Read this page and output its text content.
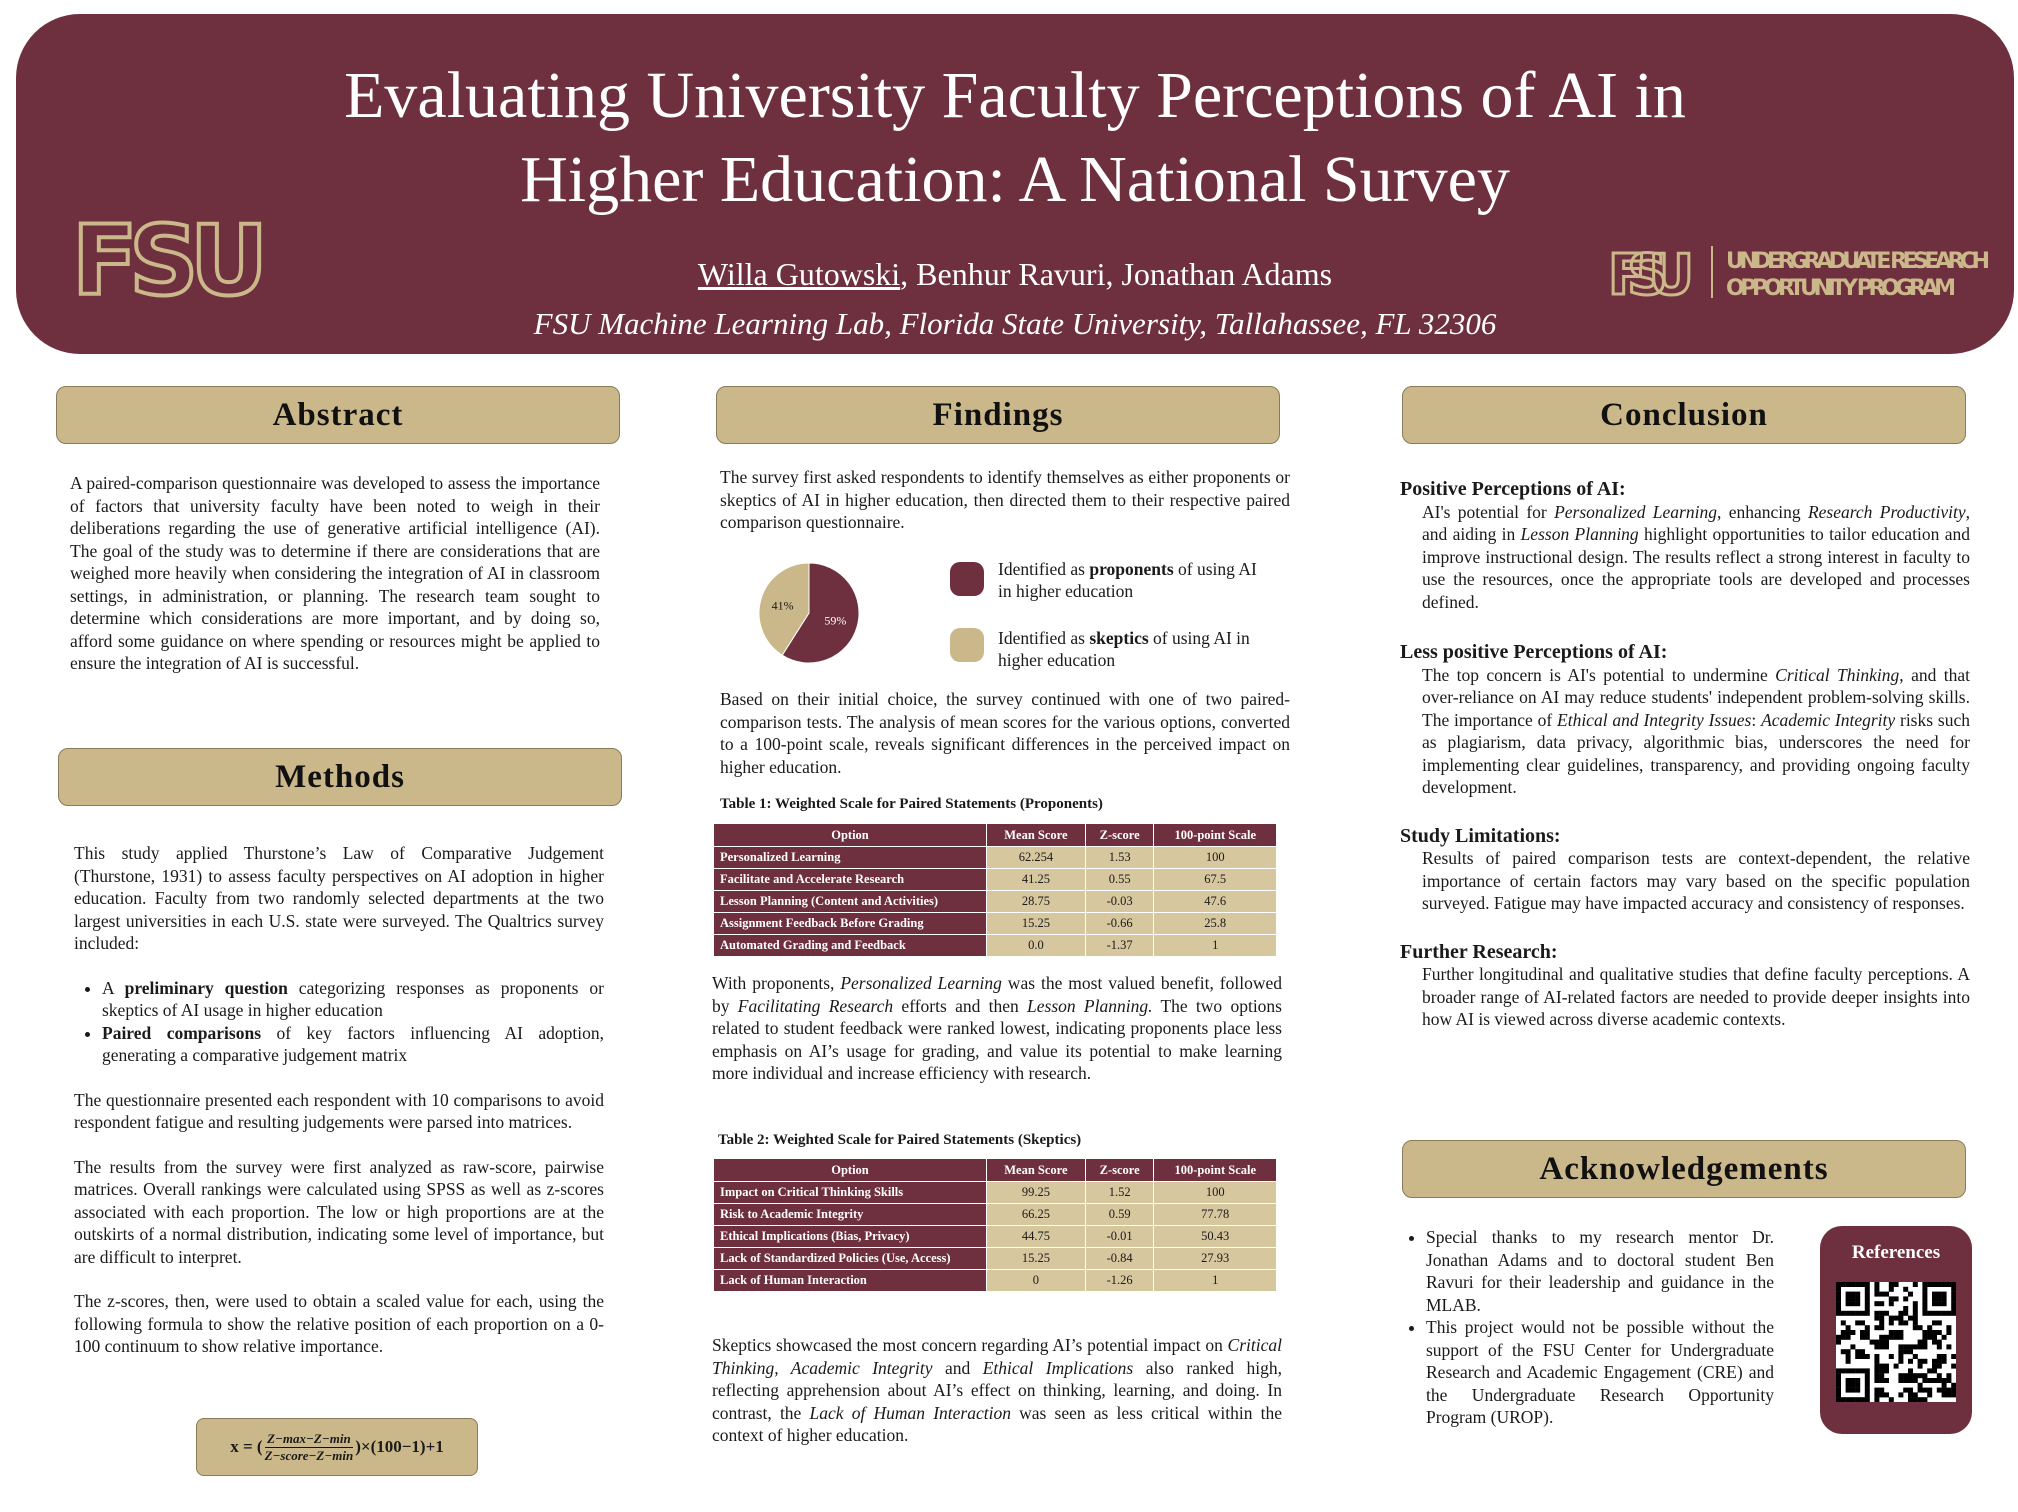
Evaluating University Faculty Perceptions of AI in
Higher Education: A National Survey
Willa Gutowski, Benhur Ravuri, Jonathan Adams
FSU Machine Learning Lab, Florida State University, Tallahassee, FL 32306
FSU	FSU UNDERGRADUATE RESEARCH
OPPORTUNITY PROGRAM
Abstract

A paired-comparison questionnaire was developed to assess the importance of factors that university faculty have been noted to weigh in their deliberations regarding the use of generative artificial intelligence (AI). The goal of the study was to determine if there are considerations that are weighed more heavily when considering the integration of AI in classroom settings, in administration, or planning. The research team sought to determine which considerations are more important, and by doing so, afford some guidance on where spending or resources might be applied to ensure the integration of AI is successful.

Methods

This study applied Thurstone’s Law of Comparative Judgement (Thurstone, 1931) to assess faculty perspectives on AI adoption in higher education. Faculty from two randomly selected departments at the two largest universities in each U.S. state were surveyed. The Qualtrics survey included:

• A preliminary question categorizing responses as proponents or skeptics of AI usage in higher education
• Paired comparisons of key factors influencing AI adoption, generating a comparative judgement matrix

The questionnaire presented each respondent with 10 comparisons to avoid respondent fatigue and resulting judgements were parsed into matrices.

The results from the survey were first analyzed as raw-score, pairwise matrices. Overall rankings were calculated using SPSS as well as z-scores associated with each proportion. The low or high proportions are at the outskirts of a normal distribution, indicating some level of importance, but are difficult to interpret.

The z-scores, then, were used to obtain a scaled value for each, using the following formula to show the relative position of each proportion on a 0-100 continuum to show relative importance.

x = ( $\frac{Z-\max-Z-\min}{\text{Z−score−Z−min}} )\times(100-1)+1$
Findings

The survey first asked respondents to identify themselves as either proponents or skeptics of AI in higher education, then directed them to their respective paired comparison questionnaire.

59%
41%
Identified as proponents of using AI in higher education
Identified as skeptics of using AI in higher education

Based on their initial choice, the survey continued with one of two paired-comparison tests. The analysis of mean scores for the various options, converted to a 100-point scale, reveals significant differences in the perceived impact on higher education.

Table 1: Weighted Scale for Paired Statements (Proponents)
Option	Mean Score	Z-score	100-point Scale
Personalized Learning	62.254	1.53	100
Facilitate and Accelerate Research	41.25	0.55	67.5
Lesson Planning (Content and Activities)	28.75	-0.03	47.6
Assignment Feedback Before Grading	15.25	-0.66	25.8
Automated Grading and Feedback	0.0	-1.37	1

With proponents, Personalized Learning was the most valued benefit, followed by Facilitating Research efforts and then Lesson Planning. The two options related to student feedback were ranked lowest, indicating proponents place less emphasis on AI’s usage for grading, and value its potential to make learning more individual and increase efficiency with research.

Table 2: Weighted Scale for Paired Statements (Skeptics)
Option	Mean Score	Z-score	100-point Scale
Impact on Critical Thinking Skills	99.25	1.52	100
Risk to Academic Integrity	66.25	0.59	77.78
Ethical Implications (Bias, Privacy)	44.75	-0.01	50.43
Lack of Standardized Policies (Use, Access)	15.25	-0.84	27.93
Lack of Human Interaction	0	-1.26	1

Skeptics showcased the most concern regarding AI’s potential impact on Critical Thinking, Academic Integrity and Ethical Implications also ranked high, reflecting apprehension about AI’s effect on thinking, learning, and doing. In contrast, the Lack of Human Interaction was seen as less critical within the context of higher education.

Conclusion

Positive Perceptions of AI:

AI's potential for Personalized Learning, enhancing Research Productivity, and aiding in Lesson Planning highlight opportunities to tailor education and improve instructional design. The results reflect a strong interest in faculty to use the resources, once the appropriate tools are developed and processes defined.

Less positive Perceptions of AI:

The top concern is AI's potential to undermine Critical Thinking, and that over-reliance on AI may reduce students' independent problem-solving skills. The importance of Ethical and Integrity Issues: Academic Integrity risks such as plagiarism, data privacy, algorithmic bias, underscores the need for implementing clear guidelines, transparency, and providing ongoing faculty development.

Study Limitations:

Results of paired comparison tests are context-dependent, the relative importance of certain factors may vary based on the specific population surveyed. Fatigue may have impacted accuracy and consistency of responses.

Further Research:

Further longitudinal and qualitative studies that define faculty perceptions. A broader range of AI-related factors are needed to provide deeper insights into how AI is viewed across diverse academic contexts.

Acknowledgements
• Special thanks to my research mentor Dr. Jonathan Adams and to doctoral student Ben Ravuri for their leadership and guidance in the MLAB.
• This project would not be possible without the support of the FSU Center for Undergraduate Research and Academic Engagement (CRE) and the Undergraduate Research Opportunity Program (UROP).
References
